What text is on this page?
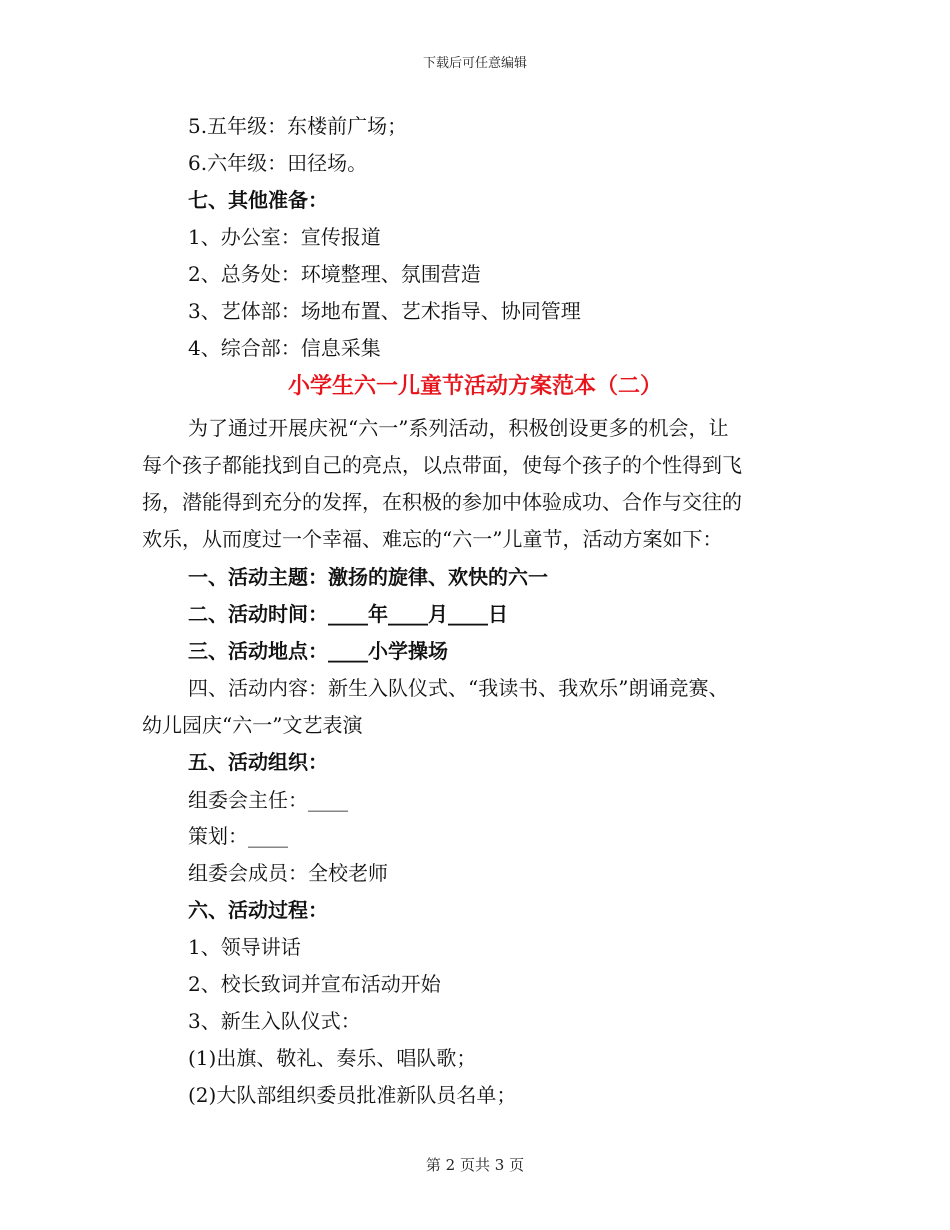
下载后可任意编辑
5.五年级：东楼前广场；
6.六年级：田径场。
七、其他准备：
1、办公室：宣传报道
2、总务处：环境整理、氛围营造
3、艺体部：场地布置、艺术指导、协同管理
4、综合部：信息采集
小学生六一儿童节活动方案范本（二）
为了通过开展庆祝“六一”系列活动，积极创设更多的机会，让
每个孩子都能找到自己的亮点，以点带面，使每个孩子的个性得到飞
扬，潜能得到充分的发挥，在积极的参加中体验成功、合作与交往的
欢乐，从而度过一个幸福、难忘的“六一”儿童节，活动方案如下：
一、活动主题：激扬的旋律、欢快的六一
二、活动时间：____年____月____日
三、活动地点：____小学操场
四、活动内容：新生入队仪式、“我读书、我欢乐”朗诵竞赛、
幼儿园庆“六一”文艺表演
五、活动组织：
组委会主任：____
策划：____
组委会成员：全校老师
六、活动过程：
1、领导讲话
2、校长致词并宣布活动开始
3、新生入队仪式：
(1)出旗、敬礼、奏乐、唱队歌；
(2)大队部组织委员批准新队员名单；
第 2 页共 3 页
